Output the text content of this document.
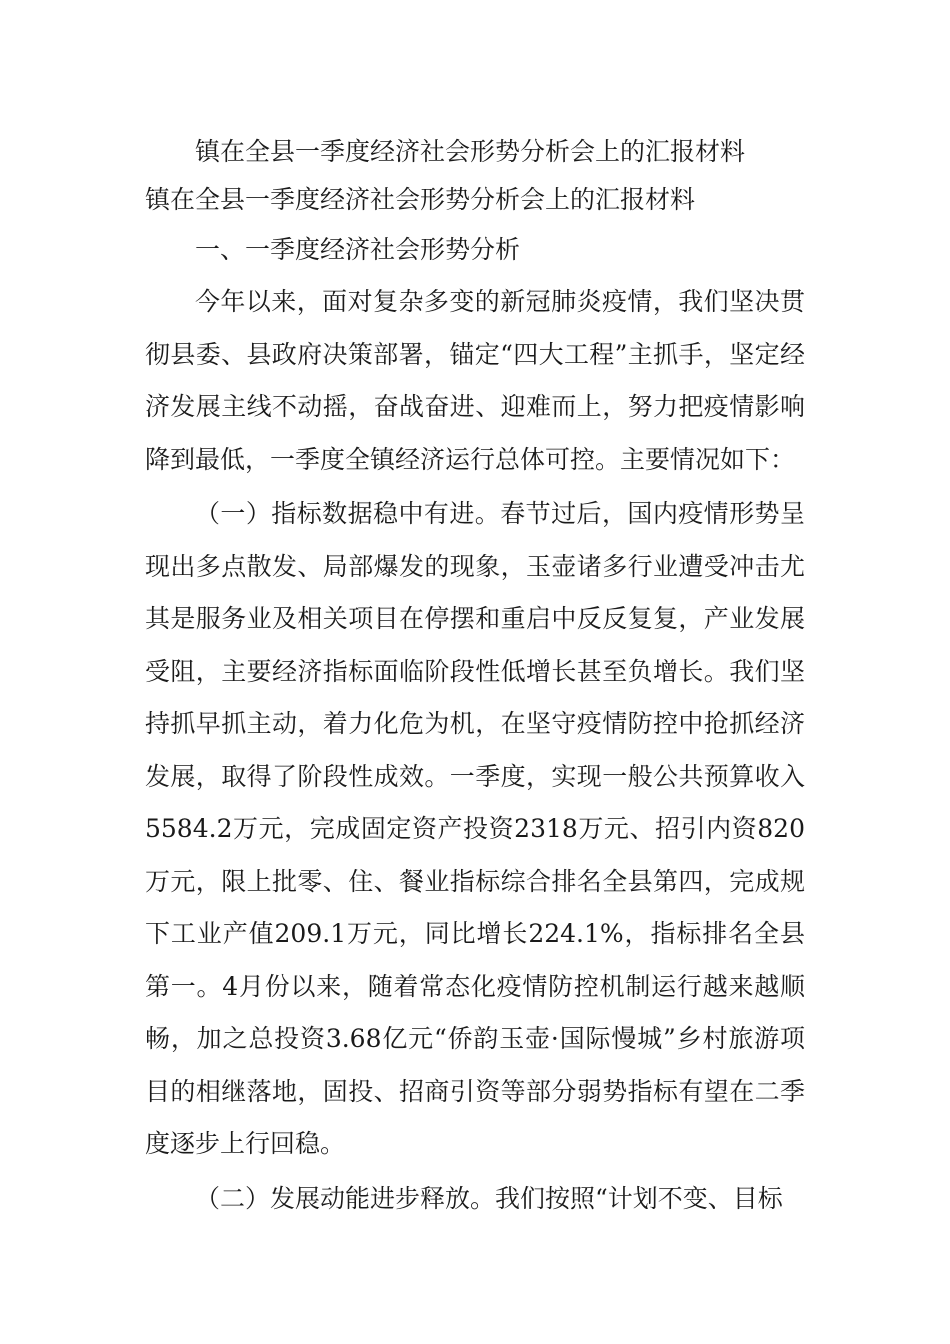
镇在全县一季度经济社会形势分析会上的汇报材料
镇在全县一季度经济社会形势分析会上的汇报材料
一、一季度经济社会形势分析

今年以来，面对复杂多变的新冠肺炎疫情，我们坚决贯彻县委、县政府决策部署，锚定“四大工程”主抓手，坚定经济发展主线不动摇，奋战奋进、迎难而上，努力把疫情影响降到最低，一季度全镇经济运行总体可控。主要情况如下：

（一）指标数据稳中有进。春节过后，国内疫情形势呈现出多点散发、局部爆发的现象，玉壶诸多行业遭受冲击尤其是服务业及相关项目在停摆和重启中反反复复，产业发展受阻，主要经济指标面临阶段性低增长甚至负增长。我们坚持抓早抓主动，着力化危为机，在坚守疫情防控中抢抓经济发展，取得了阶段性成效。一季度，实现一般公共预算收入5584.2万元，完成固定资产投资2318万元、招引内资820万元，限上批零、住、餐业指标综合排名全县第四，完成规下工业产值209.1万元，同比增长224.1%，指标排名全县第一。4月份以来，随着常态化疫情防控机制运行越来越顺畅，加之总投资3.68亿元“侨韵玉壶·国际慢城”乡村旅游项目的相继落地，固投、招商引资等部分弱势指标有望在二季度逐步上行回稳。

（二）发展动能进步释放。我们按照“计划不变、目标
